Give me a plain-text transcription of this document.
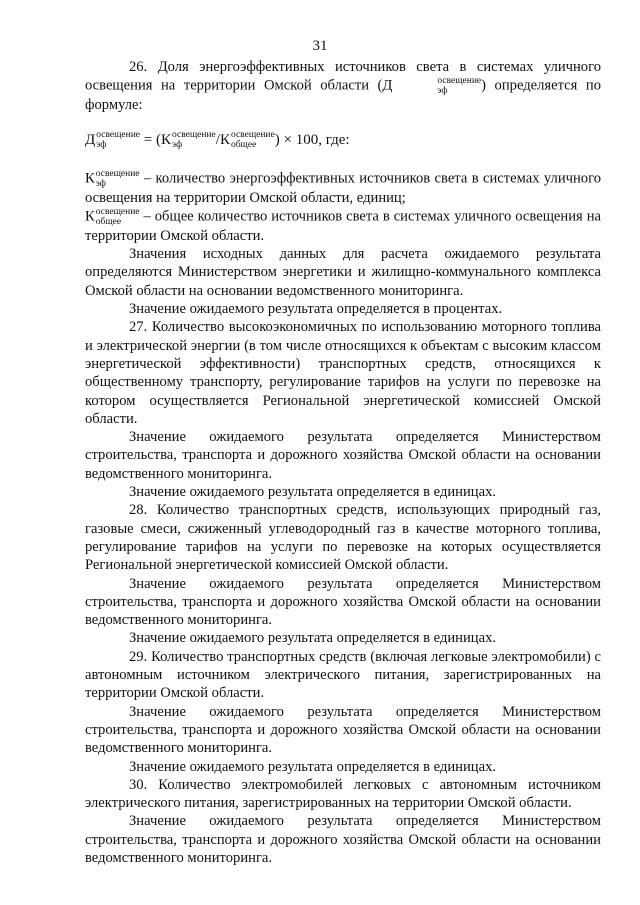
31

26. Доля энергоэффективных источников света в системах уличного освещения на территории Омской области (Д	освещение
эф	) определяется по формуле:

Д освещение
эф	= (К освещение
эф	/К освещение
общее	) × 100, где:

К освещение
эф	– количество энергоэффективных источников света в системах уличного освещения на территории Омской области, единиц;

К освещение
общее	– общее количество источников света в системах уличного освещения на территории Омской области.

Значения исходных данных для расчета ожидаемого результата определяются Министерством энергетики и жилищно-коммунального комплекса Омской области на основании ведомственного мониторинга.

Значение ожидаемого результата определяется в процентах.

27. Количество высокоэкономичных по использованию моторного топлива и электрической энергии (в том числе относящихся к объектам с высоким классом энергетической эффективности) транспортных средств, относящихся к общественному транспорту, регулирование тарифов на услуги по перевозке на котором осуществляется Региональной энергетической комиссией Омской области.

Значение ожидаемого результата определяется Министерством строительства, транспорта и дорожного хозяйства Омской области на основании ведомственного мониторинга.

Значение ожидаемого результата определяется в единицах.

28. Количество транспортных средств, использующих природный газ, газовые смеси, сжиженный углеводородный газ в качестве моторного топлива, регулирование тарифов на услуги по перевозке на которых осуществляется Региональной энергетической комиссией Омской области.

Значение ожидаемого результата определяется Министерством строительства, транспорта и дорожного хозяйства Омской области на основании ведомственного мониторинга.

Значение ожидаемого результата определяется в единицах.

29. Количество транспортных средств (включая легковые электромобили) с автономным источником электрического питания, зарегистрированных на территории Омской области.

Значение ожидаемого результата определяется Министерством строительства, транспорта и дорожного хозяйства Омской области на основании ведомственного мониторинга.

Значение ожидаемого результата определяется в единицах.

30. Количество электромобилей легковых с автономным источником электрического питания, зарегистрированных на территории Омской области.

Значение ожидаемого результата определяется Министерством строительства, транспорта и дорожного хозяйства Омской области на основании ведомственного мониторинга.
